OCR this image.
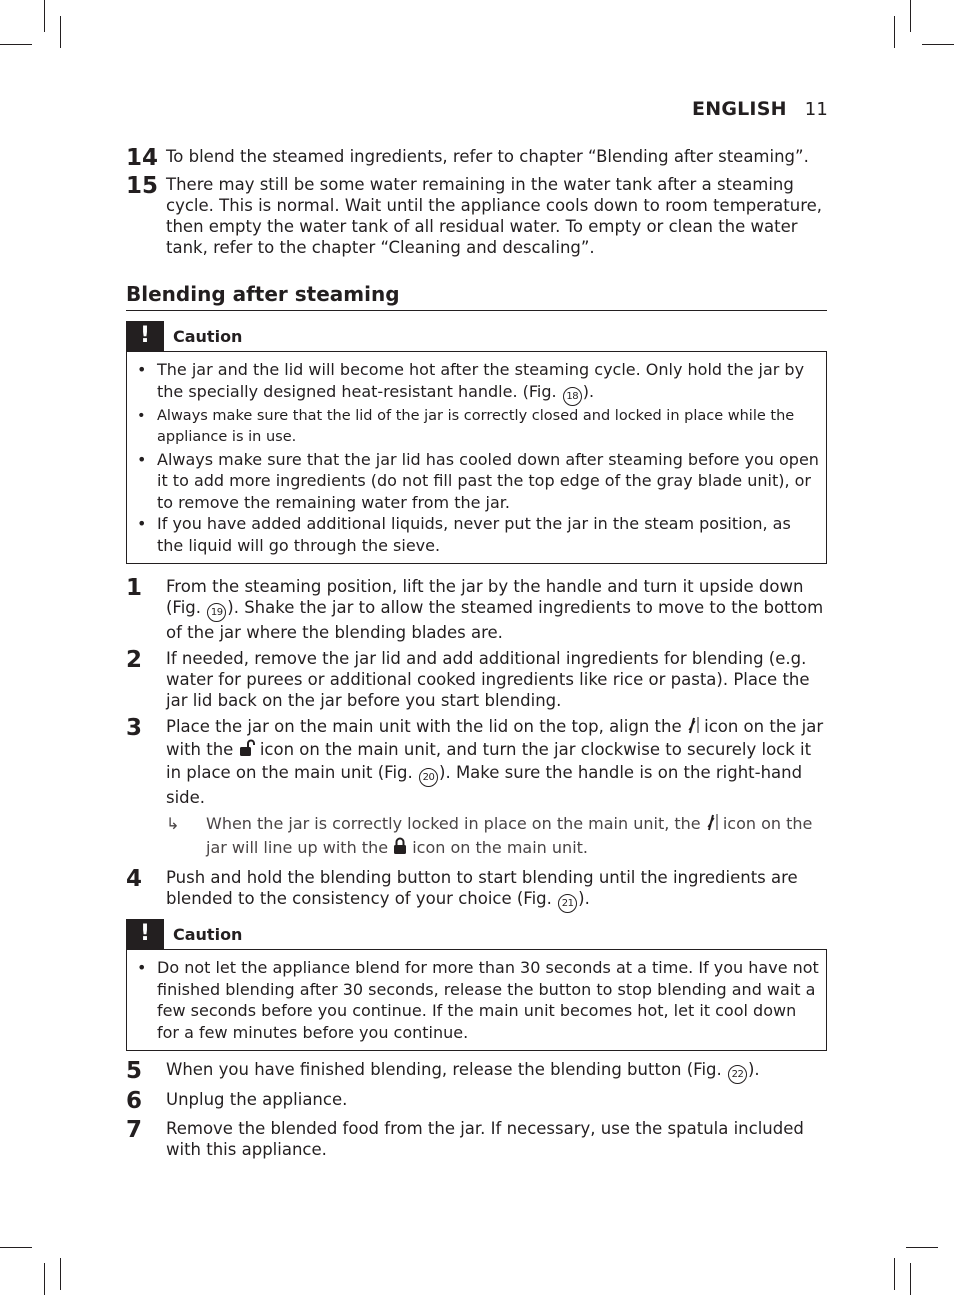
ENGLISH 11
14 To blend the steamed ingredients, refer to chapter “Blending after steaming”.
15 There may still be some water remaining in the water tank after a steaming cycle. This is normal. Wait until the appliance cools down to room temperature, then empty the water tank of all residual water. To empty or clean the water tank, refer to the chapter “Cleaning and descaling”.
Blending after steaming
!	Caution
• The jar and the lid will become hot after the steaming cycle. Only hold the jar by the specially designed heat-resistant handle. (Fig. 18 ).
• Always make sure that the lid of the jar is correctly closed and locked in place while the appliance is in use.
• Always make sure that the jar lid has cooled down after steaming before you open it to add more ingredients (do not fill past the top edge of the gray blade unit), or to remove the remaining water from the jar.
• If you have added additional liquids, never put the jar in the steam position, as the liquid will go through the sieve.
1	From the steaming position, lift the jar by the handle and turn it upside down (Fig. 19 ). Shake the jar to allow the steamed ingredients to move to the bottom of the jar where the blending blades are.
2	If needed, remove the jar lid and add additional ingredients for blending (e.g. water for purees or additional cooked ingredients like rice or pasta). Place the jar lid back on the jar before you start blending.
3	Place the jar on the main unit with the lid on the top, align the  icon on the jar with the  icon on the main unit, and turn the jar clockwise to securely lock it in place on the main unit (Fig. 20 ). Make sure the handle is on the right-hand side.
↳	When the jar is correctly locked in place on the main unit, the  icon on the jar will line up with the  icon on the main unit.
4	Push and hold the blending button to start blending until the ingredients are blended to the consistency of your choice (Fig. 21 ).
!	Caution
• Do not let the appliance blend for more than 30 seconds at a time. If you have not finished blending after 30 seconds, release the button to stop blending and wait a few seconds before you continue. If the main unit becomes hot, let it cool down for a few minutes before you continue.
5	When you have finished blending, release the blending button (Fig. 22 ).
6	Unplug the appliance.
7	Remove the blended food from the jar. If necessary, use the spatula included with this appliance.
